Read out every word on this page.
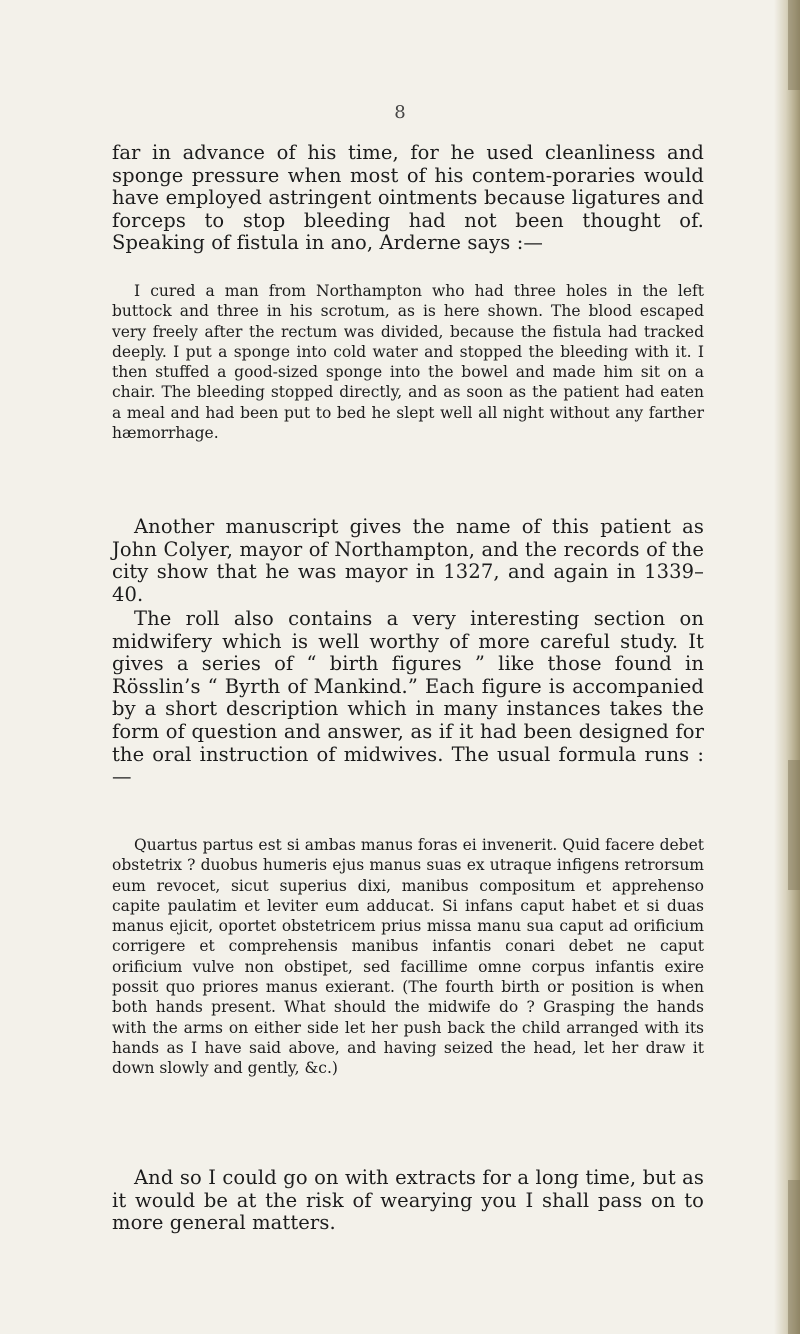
8

far in advance of his time, for he used cleanliness and sponge pressure when most of his contem-poraries would have employed astringent ointments because ligatures and forceps to stop bleeding had not been thought of. Speaking of fistula in ano, Arderne says :—

I cured a man from Northampton who had three holes in the left buttock and three in his scrotum, as is here shown. The blood escaped very freely after the rectum was divided, because the fistula had tracked deeply. I put a sponge into cold water and stopped the bleeding with it. I then stuffed a good-sized sponge into the bowel and made him sit on a chair. The bleeding stopped directly, and as soon as the patient had eaten a meal and had been put to bed he slept well all night without any farther hæmorrhage.

Another manuscript gives the name of this patient as John Colyer, mayor of Northampton, and the records of the city show that he was mayor in 1327, and again in 1339–40.

The roll also contains a very interesting section on midwifery which is well worthy of more careful study. It gives a series of “ birth figures ” like those found in Rösslin’s “ Byrth of Mankind.” Each figure is accompanied by a short description which in many instances takes the form of question and answer, as if it had been designed for the oral instruction of midwives. The usual formula runs :—

Quartus partus est si ambas manus foras ei invenerit. Quid facere debet obstetrix ? duobus humeris ejus manus suas ex utraque infigens retrorsum eum revocet, sicut superius dixi, manibus compositum et apprehenso capite paulatim et leviter eum adducat. Si infans caput habet et si duas manus ejicit, oportet obstetricem prius missa manu sua caput ad orificium corrigere et comprehensis manibus infantis conari debet ne caput orificium vulve non obstipet, sed facillime omne corpus infantis exire possit quo priores manus exierant. (The fourth birth or position is when both hands present. What should the midwife do ? Grasping the hands with the arms on either side let her push back the child arranged with its hands as I have said above, and having seized the head, let her draw it down slowly and gently, &c.)

And so I could go on with extracts for a long time, but as it would be at the risk of wearying you I shall pass on to more general matters.
